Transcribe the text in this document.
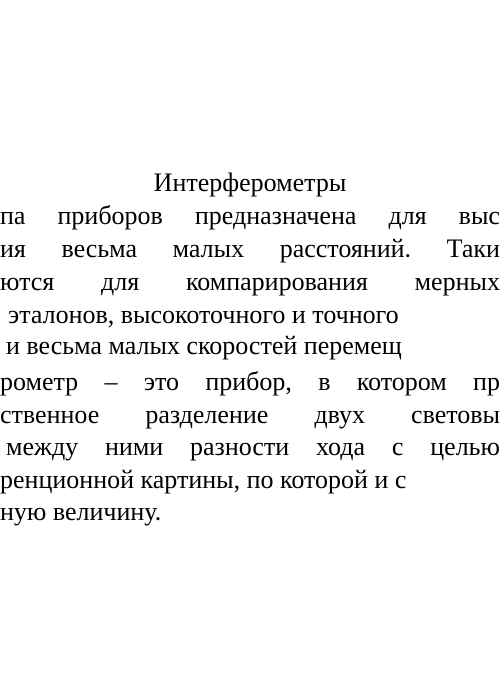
Интерферометры
па приборов предназначена для выс
ия весьма малых расстояний. Таки
ются для компарирования мерных
эталонов, высокоточного и точного
и весьма малых скоростей перемещ
рометр – это прибор, в котором пр
ственное разделение двух световы
между ними разности хода с целью
ренционной картины, по которой и с
ную величину.
